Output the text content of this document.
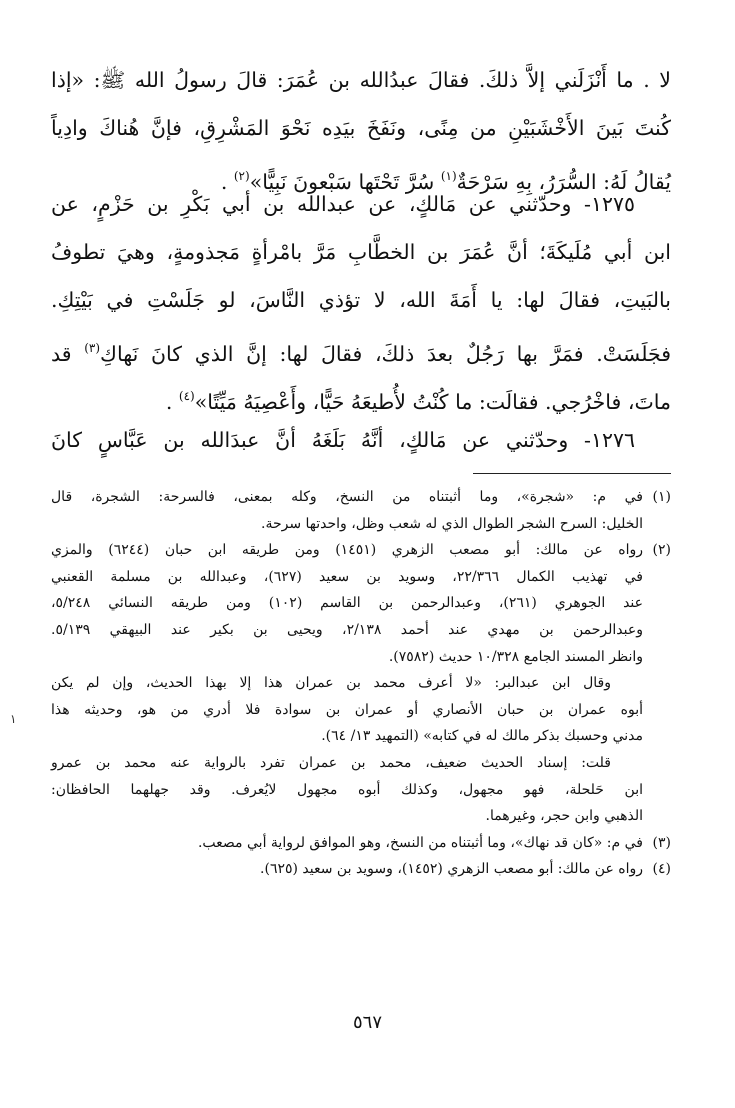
لا . ما أَنْزَلَني إلاَّ ذلكَ. فقالَ عبدُالله بن عُمَرَ: قالَ رسولُ الله ﷺ: «إذا
كُنتَ بَينَ الأَخْشَبَيْنِ من مِنًى، ونَفَخَ بيَدِه نَحْوَ المَشْرِقِ، فإنَّ هُناكَ وادِياً
يُقالُ لَهُ: السُّرَرُ، بِهِ سَرْحَةٌ$^{(١)}$ سُرَّ تَحْتَها سَبْعونَ نَبِيًّا»$^{(٢)}$ .
١٢٧٥- وحدّثني عن مَالكٍ، عن عبدالله بن أبي بَكْرِ بن حَزْمٍ، عن
ابن أبي مُلَيكَةَ؛ أنَّ عُمَرَ بن الخطَّابِ مَرَّ بامْرأةٍ مَجذومةٍ، وهيَ تطوفُ
بالبَيتِ، فقالَ لها: يا أَمَةَ الله، لا تؤذي النَّاسَ، لو جَلَسْتِ في بَيْتِكِ.
فجَلَسَتْ. فمَرَّ بها رَجُلٌ بعدَ ذلكَ، فقالَ لها: إنَّ الذي كانَ نَهاكِ$^{(٣)}$ قد
ماتَ، فاخْرُجي. فقالَت: ما كُنْتُ لأُطيعَهُ حَيًّا، وأَعْصِيَهُ مَيِّتًا»$^{(٤)}$ .
١٢٧٦- وحدّثني عن مَالكٍ، أنَّهُ بَلَغَهُ أنَّ عبدَالله بن عَبَّاسٍ كانَ
(١)في م: «شجرة»، وما أثبتناه من النسخ، وكله بمعنى، فالسرحة: الشجرة، قال
الخليل: السرح الشجر الطوال الذي له شعب وظل، واحدتها سرحة.
(٢)رواه عن مالك: أبو مصعب الزهري (١٤٥١) ومن طريقه ابن حبان (٦٢٤٤) والمزي
في تهذيب الكمال ٢٢/٣٦٦، وسويد بن سعيد (٦٢٧)، وعبدالله بن مسلمة القعنبي
عند الجوهري (٢٦١)، وعبدالرحمن بن القاسم (١٠٢) ومن طريقه النسائي ٥/٢٤٨،
وعبدالرحمن بن مهدي عند أحمد ٢/١٣٨، ويحيى بن بكير عند البيهقي ٥/١٣٩.
وانظر المسند الجامع ١٠/٣٢٨ حديث (٧٥٨٢).
وقال ابن عبدالبر: «لا أعرف محمد بن عمران هذا إلا بهذا الحديث، وإن لم يكن
أبوه عمران بن حبان الأنصاري أو عمران بن سوادة فلا أدري من هو، وحديثه هذا
مدني وحسبك بذكر مالك له في كتابه» (التمهيد ١٣/ ٦٤).
قلت: إسناد الحديث ضعيف، محمد بن عمران تفرد بالرواية عنه محمد بن عمرو
ابن حَلحلة، فهو مجهول، وكذلك أبوه مجهول لايُعرف. وقد جهلهما الحافظان:
الذهبي وابن حجر، وغيرهما.
(٣)في م: «كان قد نهاك»، وما أثبتناه من النسخ، وهو الموافق لرواية أبي مصعب.
(٤)رواه عن مالك: أبو مصعب الزهري (١٤٥٢)، وسويد بن سعيد (٦٢٥).
١
٥٦٧
